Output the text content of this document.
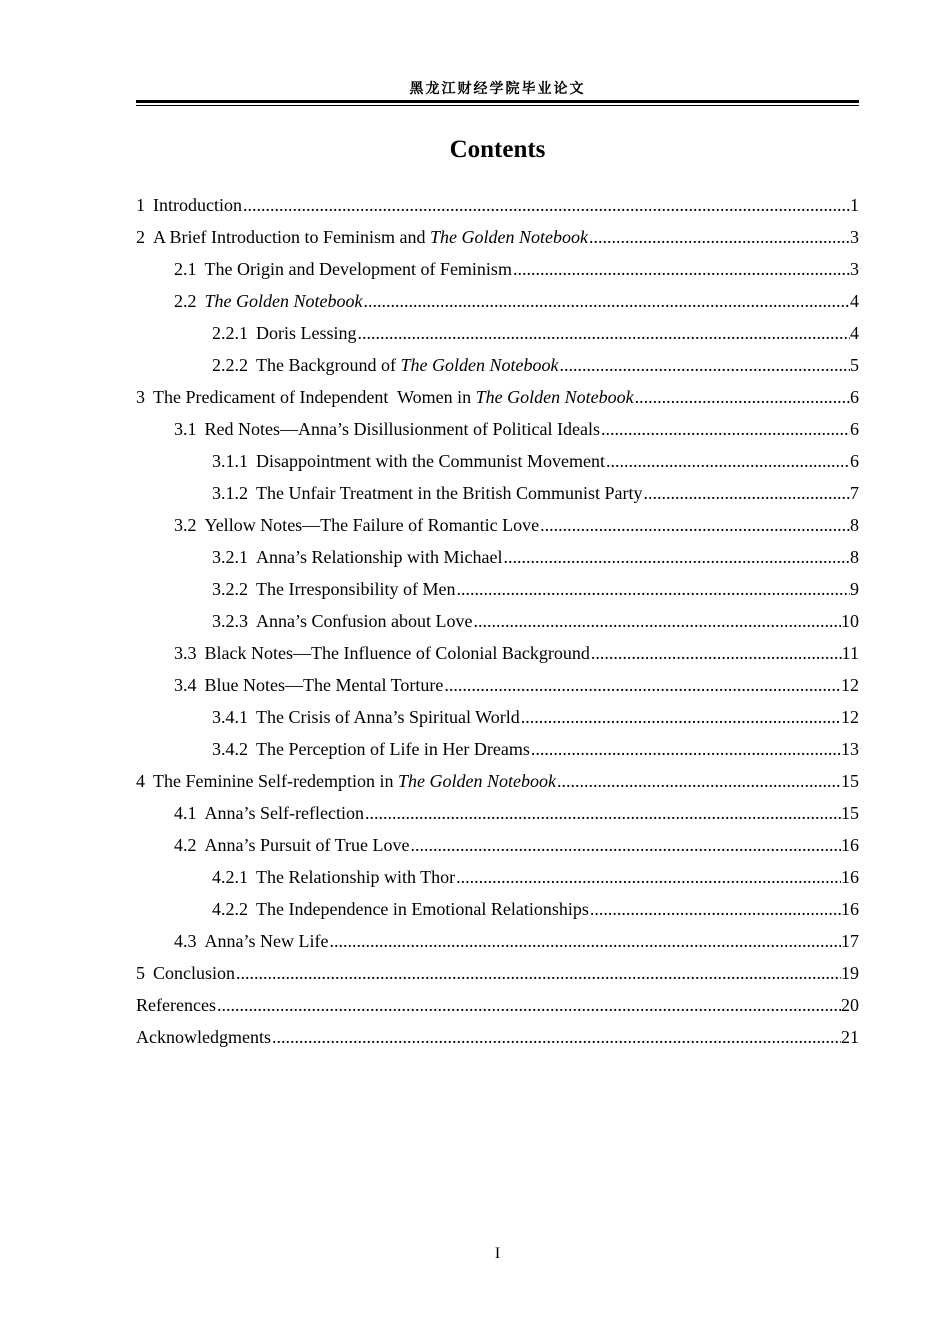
黑龙江财经学院毕业论文
Contents
1 Introduction .....	1
2 A Brief Introduction to Feminism and The Golden Notebook .....	3
2.1 The Origin and Development of Feminism .....	3
2.2 The Golden Notebook .....	4
2.2.1 Doris Lessing .....	4
2.2.2 The Background of The Golden Notebook .....	5
3 The Predicament of Independent  Women in The Golden Notebook .....	6
3.1 Red Notes—Anna’s Disillusionment of Political Ideals .....	6
3.1.1 Disappointment with the Communist Movement .....	6
3.1.2 The Unfair Treatment in the British Communist Party .....	7
3.2 Yellow Notes—The Failure of Romantic Love .....	8
3.2.1 Anna’s Relationship with Michael .....	8
3.2.2 The Irresponsibility of Men .....	9
3.2.3 Anna’s Confusion about Love .....	10
3.3 Black Notes—The Influence of Colonial Background .....	11
3.4 Blue Notes—The Mental Torture .....	12
3.4.1 The Crisis of Anna’s Spiritual World .....	12
3.4.2 The Perception of Life in Her Dreams .....	13
4 The Feminine Self-redemption in The Golden Notebook .....	15
4.1 Anna’s Self-reflection .....	15
4.2 Anna’s Pursuit of True Love .....	16
4.2.1 The Relationship with Thor .....	16
4.2.2 The Independence in Emotional Relationships .....	16
4.3 Anna’s New Life .....	17
5 Conclusion .....	19
References .....	20
Acknowledgments .....	21
I
